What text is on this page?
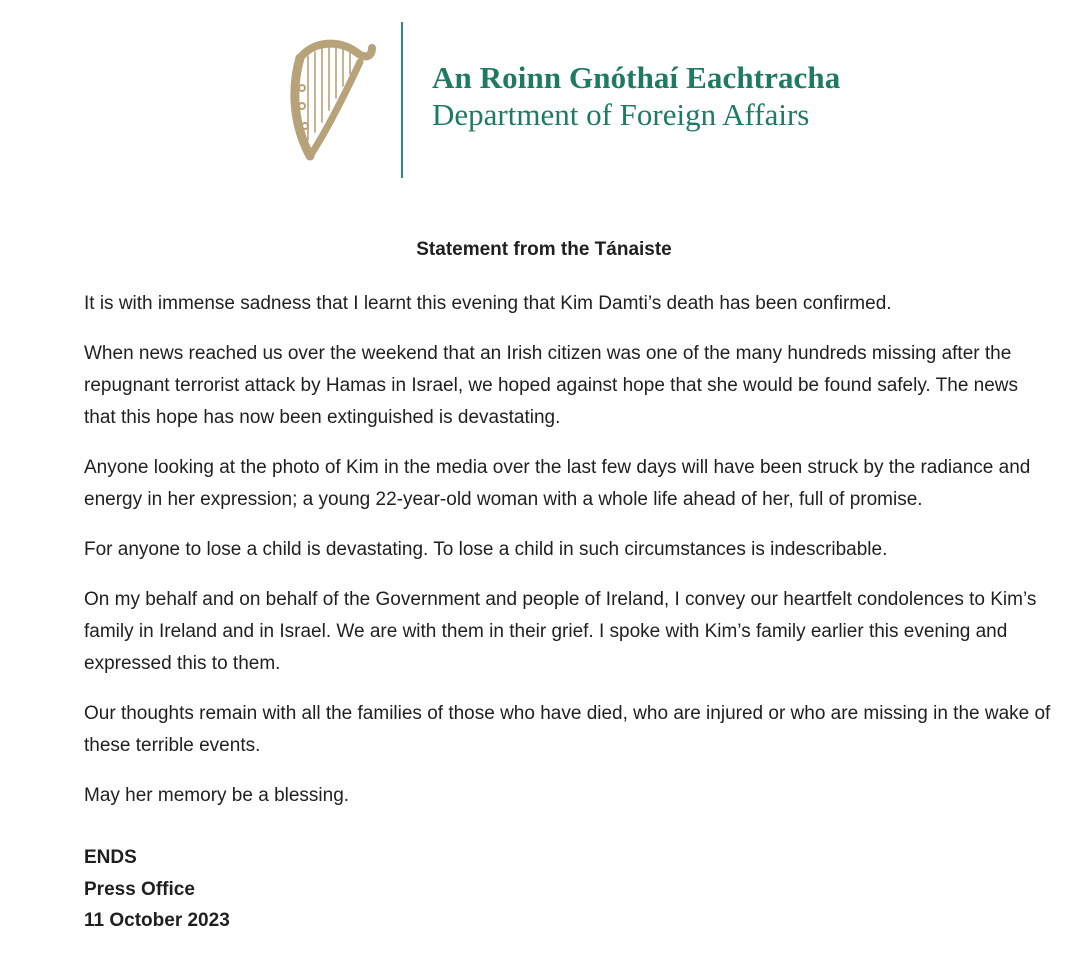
An Roinn Gnóthaí Eachtracha
Department of Foreign Affairs
Statement from the Tánaiste

It is with immense sadness that I learnt this evening that Kim Damti’s death has been confirmed.

When news reached us over the weekend that an Irish citizen was one of the many hundreds missing after the repugnant terrorist attack by Hamas in Israel, we hoped against hope that she would be found safely. The news that this hope has now been extinguished is devastating.

Anyone looking at the photo of Kim in the media over the last few days will have been struck by the radiance and energy in her expression; a young 22-year-old woman with a whole life ahead of her, full of promise.

For anyone to lose a child is devastating. To lose a child in such circumstances is indescribable.

On my behalf and on behalf of the Government and people of Ireland, I convey our heartfelt condolences to Kim’s family in Ireland and in Israel. We are with them in their grief. I spoke with Kim’s family earlier this evening and expressed this to them.

Our thoughts remain with all the families of those who have died, who are injured or who are missing in the wake of these terrible events.

May her memory be a blessing.

ENDS
Press Office
11 October 2023
